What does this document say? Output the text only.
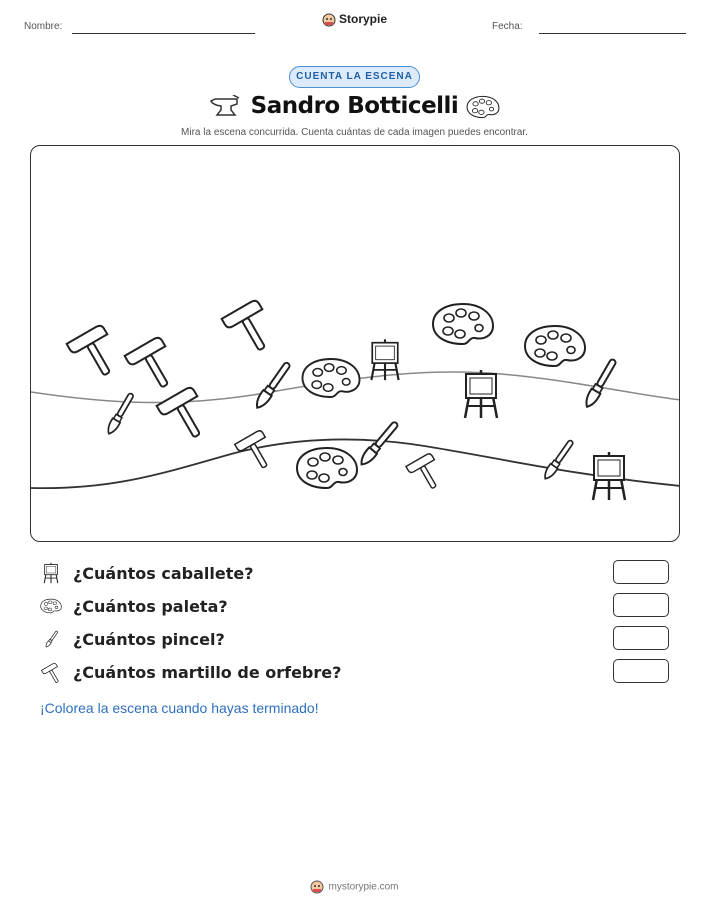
Nombre:
Storypie
Fecha:
CUENTA LA ESCENA
Sandro Botticelli
Mira la escena concurrida. Cuenta cuántas de cada imagen puedes encontrar.
¿Cuántos caballete?
¿Cuántos paleta?
¿Cuántos pincel?
¿Cuántos martillo de orfebre?
¡Colorea la escena cuando hayas terminado!
mystorypie.com
